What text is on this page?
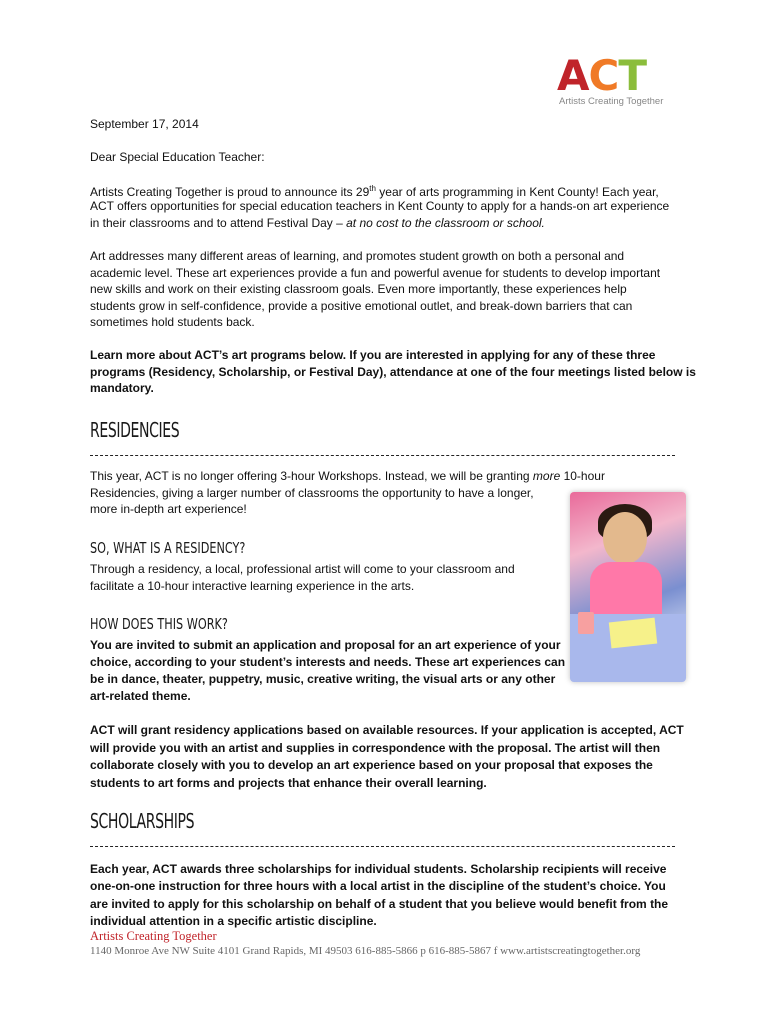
ACT
Artists Creating Together
September 17, 2014
Dear Special Education Teacher:
Artists Creating Together is proud to announce its 29th year of arts programming in Kent County! Each year,
ACT offers opportunities for special education teachers in Kent County to apply for a hands-on art experience
in their classrooms and to attend Festival Day – at no cost to the classroom or school.
Art addresses many different areas of learning, and promotes student growth on both a personal and
academic level. These art experiences provide a fun and powerful avenue for students to develop important
new skills and work on their existing classroom goals. Even more importantly, these experiences help
students grow in self-confidence, provide a positive emotional outlet, and break-down barriers that can
sometimes hold students back.
Learn more about ACT’s art programs below. If you are interested in applying for any of these three
programs (Residency, Scholarship, or Festival Day), attendance at one of the four meetings listed below is
mandatory.
RESIDENCIES
This year, ACT is no longer offering 3-hour Workshops. Instead, we will be granting more 10-hour
Residencies, giving a larger number of classrooms the opportunity to have a longer,
more in-depth art experience!
SO, WHAT IS A RESIDENCY?
Through a residency, a local, professional artist will come to your classroom and
facilitate a 10-hour interactive learning experience in the arts.
HOW DOES THIS WORK?
You are invited to submit an application and proposal for an art experience of your
choice, according to your student’s interests and needs. These art experiences can
be in dance, theater, puppetry, music, creative writing, the visual arts or any other
art-related theme.
ACT will grant residency applications based on available resources. If your application is accepted, ACT
will provide you with an artist and supplies in correspondence with the proposal. The artist will then
collaborate closely with you to develop an art experience based on your proposal that exposes the
students to art forms and projects that enhance their overall learning.
SCHOLARSHIPS
Each year, ACT awards three scholarships for individual students. Scholarship recipients will receive
one-on-one instruction for three hours with a local artist in the discipline of the student’s choice. You
are invited to apply for this scholarship on behalf of a student that you believe would benefit from the
individual attention in a specific artistic discipline.
Artists Creating Together
1140 Monroe Ave NW Suite 4101 Grand Rapids, MI 49503 616-885-5866 p 616-885-5867 f www.artistscreatingtogether.org
